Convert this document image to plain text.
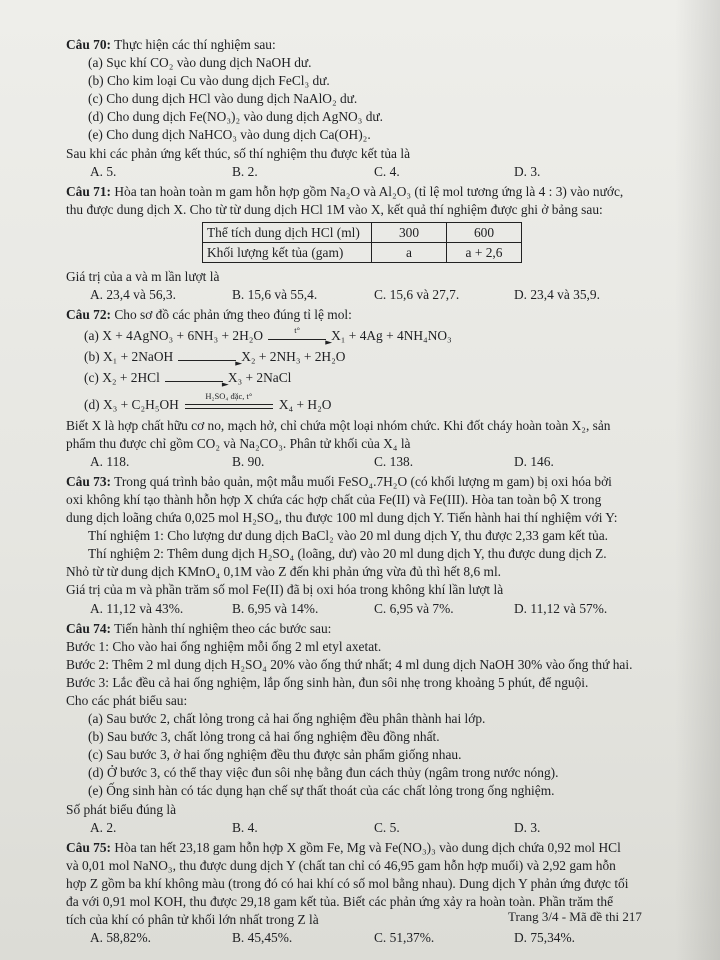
Câu 70: Thực hiện các thí nghiệm sau:

(a) Sục khí CO₂ vào dung dịch NaOH dư.

(b) Cho kim loại Cu vào dung dịch FeCl₃ dư.

(c) Cho dung dịch HCl vào dung dịch NaAlO₂ dư.

(d) Cho dung dịch Fe(NO₃)₂ vào dung dịch AgNO₃ dư.

(e) Cho dung dịch NaHCO₃ vào dung dịch Ca(OH)₂.

Sau khi các phản ứng kết thúc, số thí nghiệm thu được kết tủa là

A. 5.	B. 2.	C. 4.	D. 3.

Câu 71: Hòa tan hoàn toàn m gam hỗn hợp gồm Na₂O và Al₂O₃ (tỉ lệ mol tương ứng là 4 : 3) vào nước,

thu được dung dịch X. Cho từ từ dung dịch HCl 1M vào X, kết quả thí nghiệm được ghi ở bảng sau:

Thể tích dung dịch HCl (ml)	300	600
Khối lượng kết tủa (gam)	a	a + 2,6

Giá trị của a và m lần lượt là

A. 23,4 và 56,3.	B. 15,6 và 55,4.	C. 15,6 và 27,7.	D. 23,4 và 35,9.

Câu 72: Cho sơ đồ các phản ứng theo đúng tỉ lệ mol:

(a) X + 4AgNO₃ + 6NH₃ + 2H₂O	t° ▶	X₁ + 4Ag + 4NH₄NO₃
(b) X₁ + 2NaOH ▶	X₂ + 2NH₃ + 2H₂O
(c) X₂ + 2HCl ▶	X₃ + 2NaCl
(d) X₃ + C₂H₅OH
H₂SO₄ đặc, t°
X₄ + H₂O

Biết X là hợp chất hữu cơ no, mạch hở, chỉ chứa một loại nhóm chức. Khi đốt cháy hoàn toàn X₂, sản

phẩm thu được chỉ gồm CO₂ và Na₂CO₃. Phân tử khối của X₄ là

A. 118.	B. 90.	C. 138.	D. 146.

Câu 73: Trong quá trình bảo quản, một mẫu muối FeSO₄.7H₂O (có khối lượng m gam) bị oxi hóa bởi

oxi không khí tạo thành hỗn hợp X chứa các hợp chất của Fe(II) và Fe(III). Hòa tan toàn bộ X trong

dung dịch loãng chứa 0,025 mol H₂SO₄, thu được 100 ml dung dịch Y. Tiến hành hai thí nghiệm với Y:

Thí nghiệm 1: Cho lượng dư dung dịch BaCl₂ vào 20 ml dung dịch Y, thu được 2,33 gam kết tủa.

Thí nghiệm 2: Thêm dung dịch H₂SO₄ (loãng, dư) vào 20 ml dung dịch Y, thu được dung dịch Z.

Nhỏ từ từ dung dịch KMnO₄ 0,1M vào Z đến khi phản ứng vừa đủ thì hết 8,6 ml.

Giá trị của m và phần trăm số mol Fe(II) đã bị oxi hóa trong không khí lần lượt là

A. 11,12 và 43%.	B. 6,95 và 14%.	C. 6,95 và 7%.	D. 11,12 và 57%.

Câu 74: Tiến hành thí nghiệm theo các bước sau:

Bước 1: Cho vào hai ống nghiệm mỗi ống 2 ml etyl axetat.

Bước 2: Thêm 2 ml dung dịch H₂SO₄ 20% vào ống thứ nhất; 4 ml dung dịch NaOH 30% vào ống thứ hai.

Bước 3: Lắc đều cả hai ống nghiệm, lắp ống sinh hàn, đun sôi nhẹ trong khoảng 5 phút, để nguội.

Cho các phát biểu sau:

(a) Sau bước 2, chất lỏng trong cả hai ống nghiệm đều phân thành hai lớp.

(b) Sau bước 3, chất lỏng trong cả hai ống nghiệm đều đồng nhất.

(c) Sau bước 3, ở hai ống nghiệm đều thu được sản phẩm giống nhau.

(d) Ở bước 3, có thể thay việc đun sôi nhẹ bằng đun cách thủy (ngâm trong nước nóng).

(e) Ống sinh hàn có tác dụng hạn chế sự thất thoát của các chất lỏng trong ống nghiệm.

Số phát biểu đúng là

A. 2.	B. 4.	C. 5.	D. 3.

Câu 75: Hòa tan hết 23,18 gam hỗn hợp X gồm Fe, Mg và Fe(NO₃)₃ vào dung dịch chứa 0,92 mol HCl

và 0,01 mol NaNO₃, thu được dung dịch Y (chất tan chỉ có 46,95 gam hỗn hợp muối) và 2,92 gam hỗn

hợp Z gồm ba khí không màu (trong đó có hai khí có số mol bằng nhau). Dung dịch Y phản ứng được tối

đa với 0,91 mol KOH, thu được 29,18 gam kết tủa. Biết các phản ứng xảy ra hoàn toàn. Phần trăm thể

tích của khí có phân tử khối lớn nhất trong Z là

A. 58,82%.	B. 45,45%.	C. 51,37%.	D. 75,34%.
Trang 3/4 - Mã đề thi 217
